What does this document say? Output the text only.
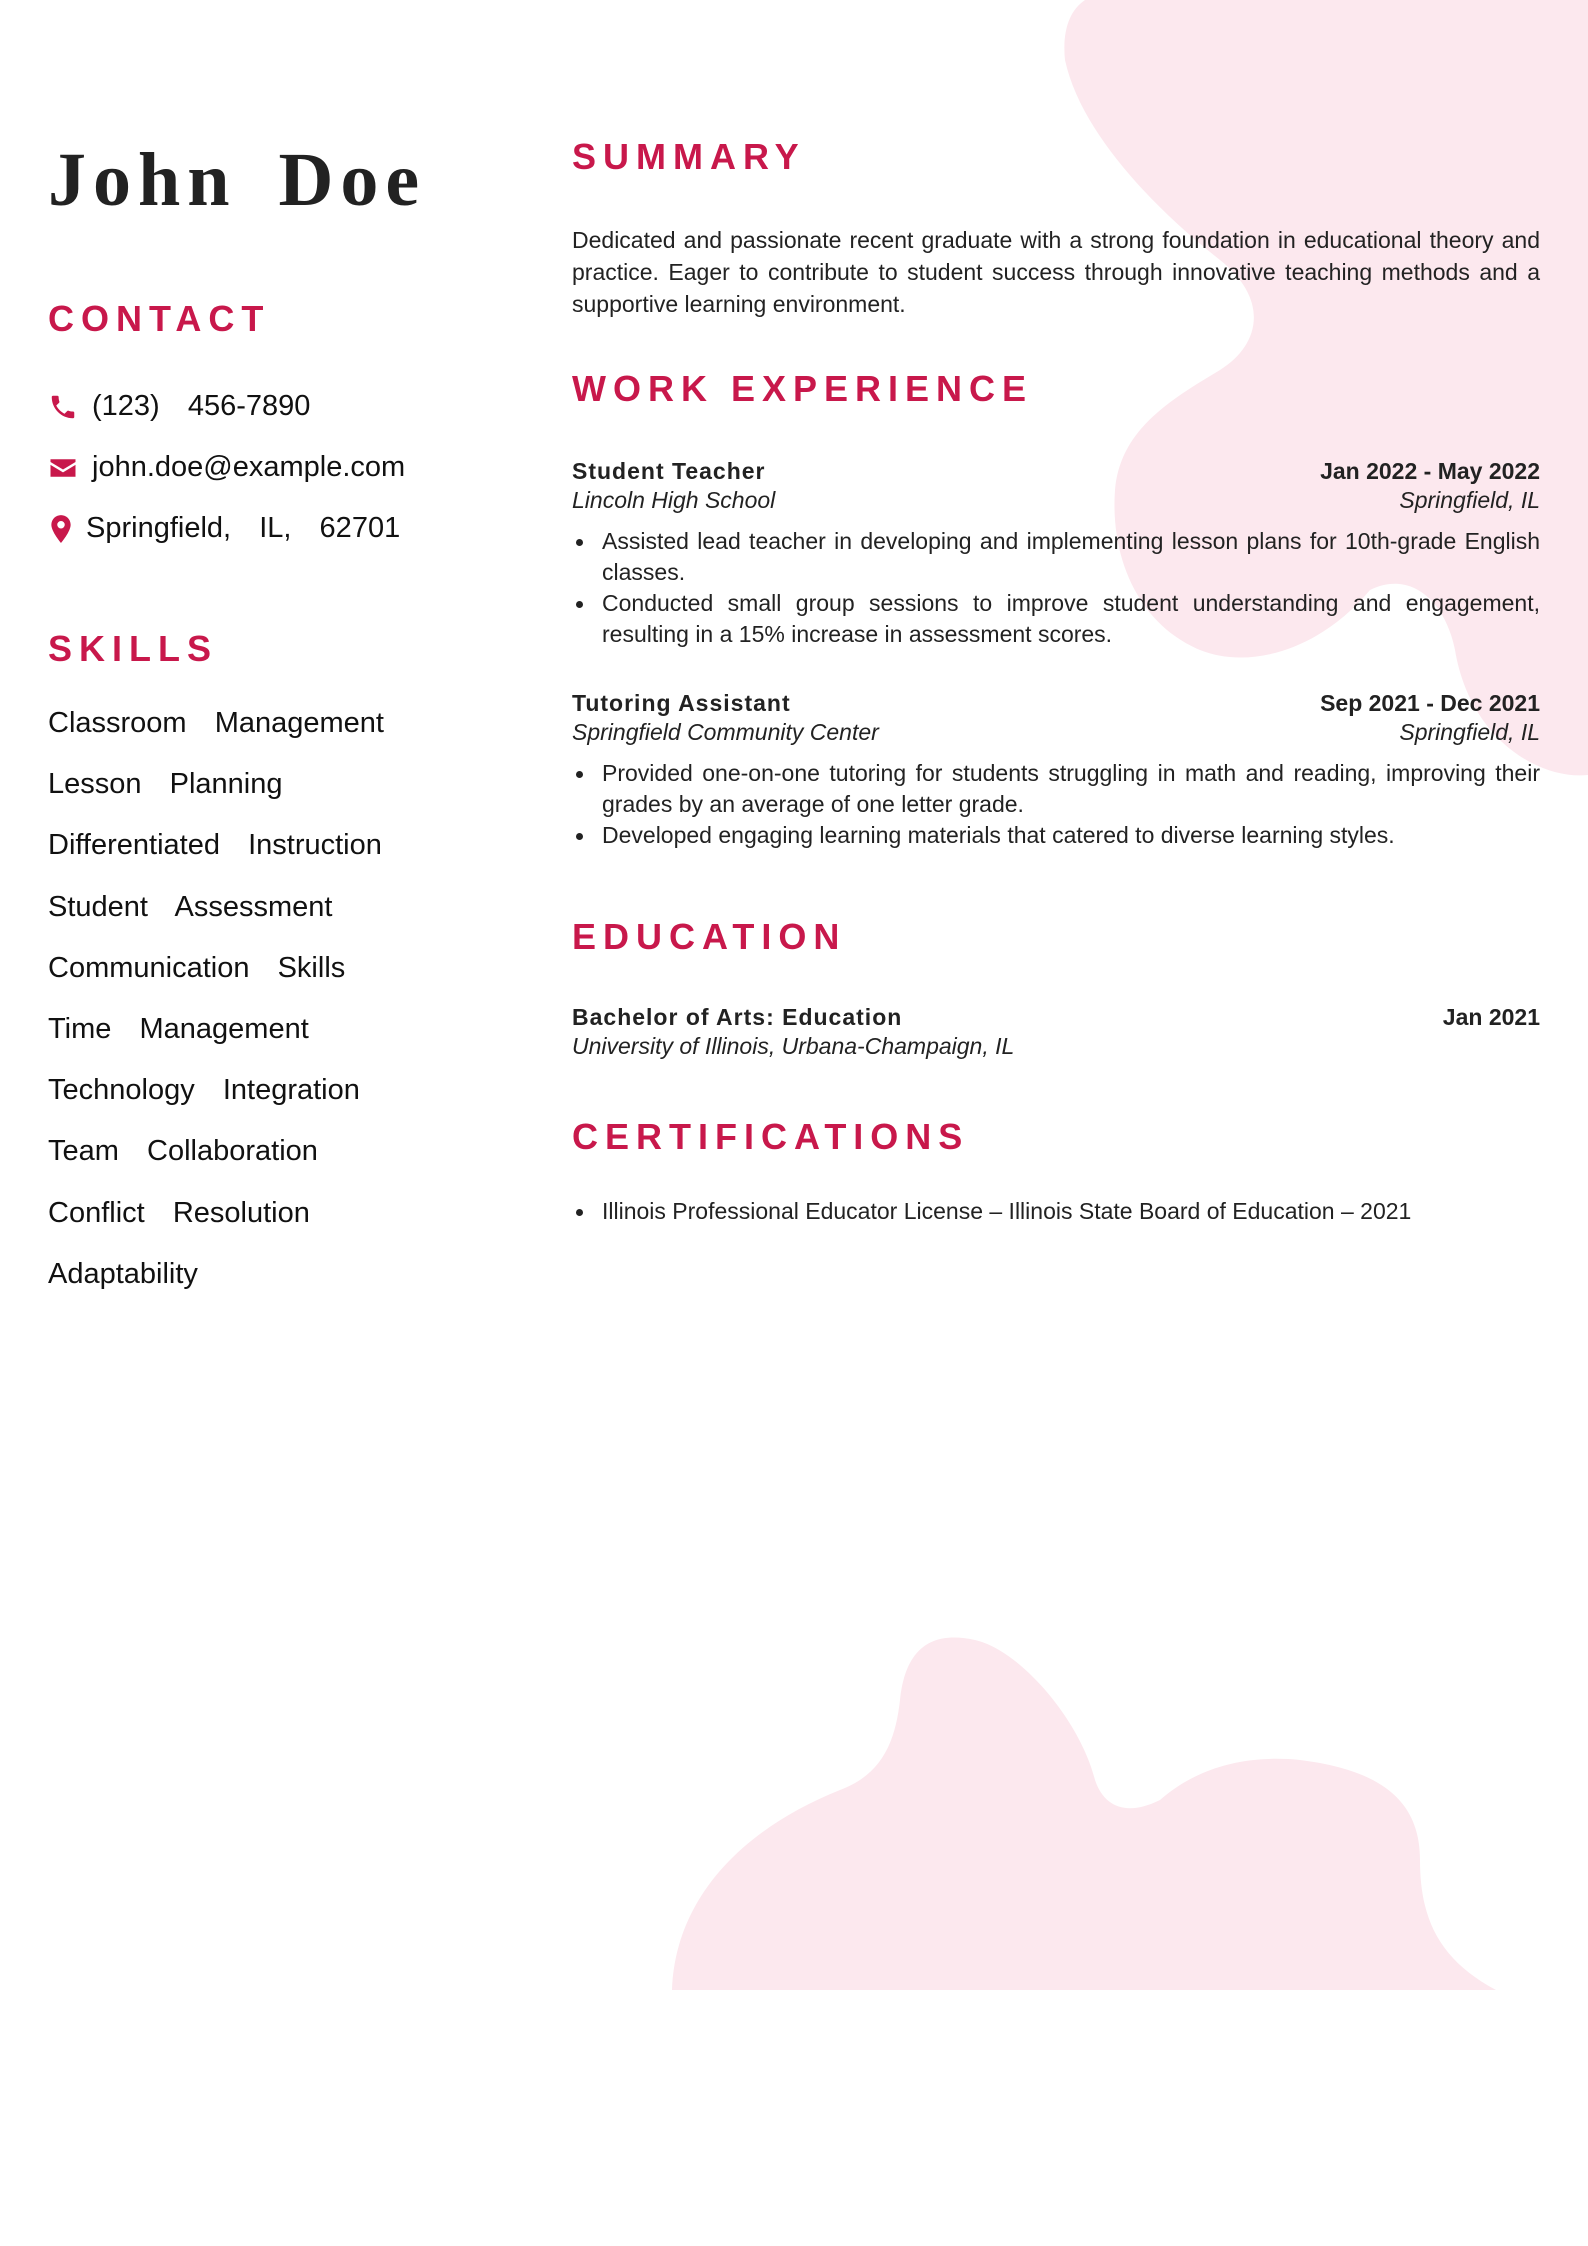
John Doe
CONTACT
(123)  456-7890
john.doe@example.com
Springfield,  IL,  62701
SKILLS
Classroom  Management
Lesson  Planning
Differentiated  Instruction
Student  Assessment
Communication  Skills
Time  Management
Technology  Integration
Team  Collaboration
Conflict  Resolution
Adaptability
SUMMARY

Dedicated and passionate recent graduate with a strong foundation in educational theory and practice. Eager to contribute to student success through innovative teaching methods and a supportive learning environment.

WORK EXPERIENCE
Student Teacher	Jan 2022 - May 2022
Lincoln High School	Springfield, IL
Assisted lead teacher in developing and implementing lesson plans for 10th-grade English classes.
Conducted small group sessions to improve student understanding and engagement, resulting in a 15% increase in assessment scores.
Tutoring Assistant	Sep 2021 - Dec 2021
Springfield Community Center	Springfield, IL
Provided one-on-one tutoring for students struggling in math and reading, improving their grades by an average of one letter grade.
Developed engaging learning materials that catered to diverse learning styles.
EDUCATION
Bachelor of Arts: Education	Jan 2021
University of Illinois, Urbana-Champaign, IL
CERTIFICATIONS
Illinois Professional Educator License – Illinois State Board of Education – 2021
